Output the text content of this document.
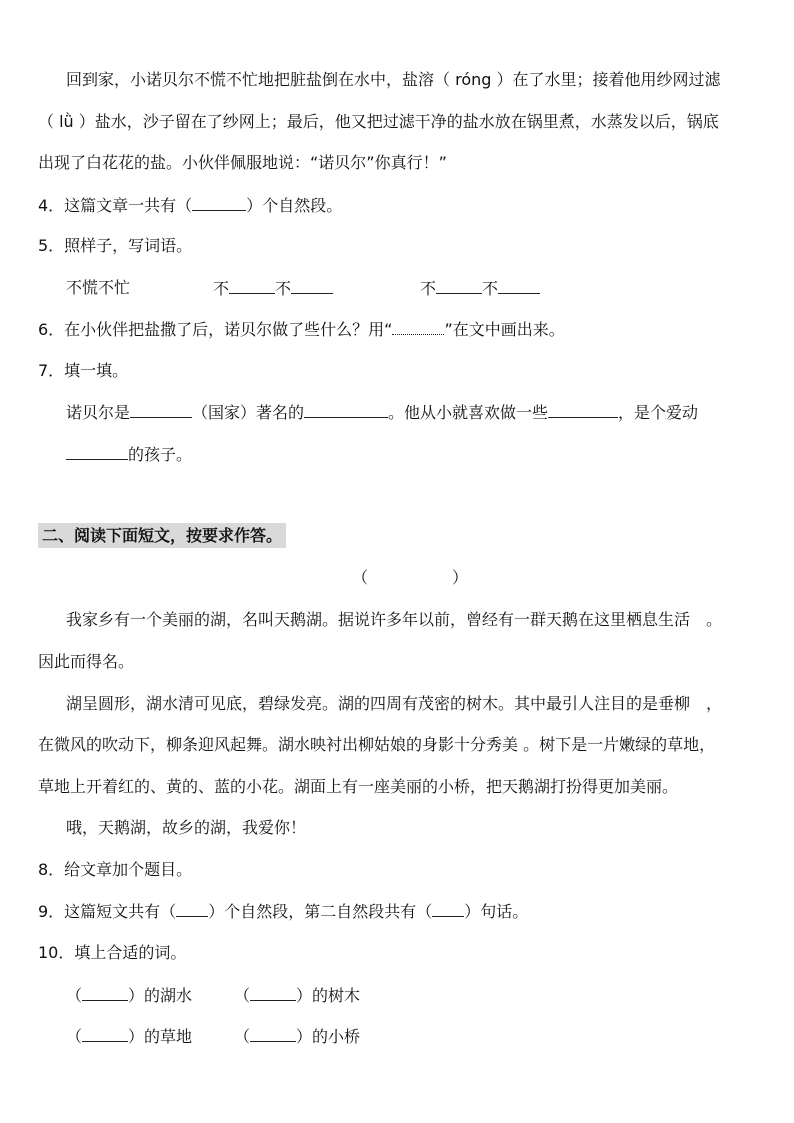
回到家，小诺贝尔不慌不忙地把脏盐倒在水中，盐溶（ róng ）在了水里；接着他用纱网过滤
（ lǜ ）盐水，沙子留在了纱网上；最后，他又把过滤干净的盐水放在锅里煮，水蒸发以后，锅底
出现了白花花的盐。小伙伴佩服地说：“诺贝尔”你真行！”
4．这篇文章一共有（	）个自然段。
5．照样子，写词语。
不慌不忙	不	不	不	不
6．在小伙伴把盐撒了后，诺贝尔做了些什么？用“	”在文中画出来。
7．填一填。
诺贝尔是	（国家）著名的	。他从小就喜欢做一些	，是个爱动
的孩子。
二、阅读下面短文，按要求作答。
（	）
我家乡有一个美丽的湖，名叫天鹅湖。据说许多年以前，曾经有一群天鹅在这里栖息生活　。
因此而得名。
湖呈圆形，湖水清可见底，碧绿发亮。湖的四周有茂密的树木。其中最引人注目的是垂柳　，
在微风的吹动下，柳条迎风起舞。湖水映衬出柳姑娘的身影十分秀美 。树下是一片嫩绿的草地，
草地上开着红的、黄的、蓝的小花。湖面上有一座美丽的小桥，把天鹅湖打扮得更加美丽。
哦，天鹅湖，故乡的湖，我爱你！
8．给文章加个题目。
9．这篇短文共有（ ）个自然段，第二自然段共有（ ）句话。
10．填上合适的词。
（	）的湖水	（	）的树木
（	）的草地	（	）的小桥
